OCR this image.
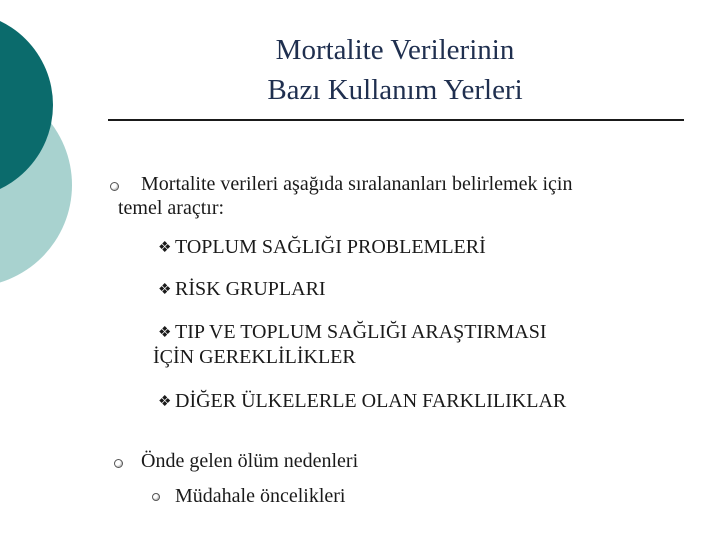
Mortalite Verilerinin
Bazı Kullanım Yerleri
Mortalite verileri aşağıda sıralananları belirlemek için
temel araçtır:
❖ TOPLUM SAĞLIĞI PROBLEMLERİ
❖ RİSK GRUPLARI
❖ TIP VE TOPLUM SAĞLIĞI ARAŞTIRMASI
İÇİN GEREKLİLİKLER
❖ DİĞER ÜLKELERLE OLAN FARKLILIKLAR
Önde gelen ölüm nedenleri
Müdahale öncelikleri
